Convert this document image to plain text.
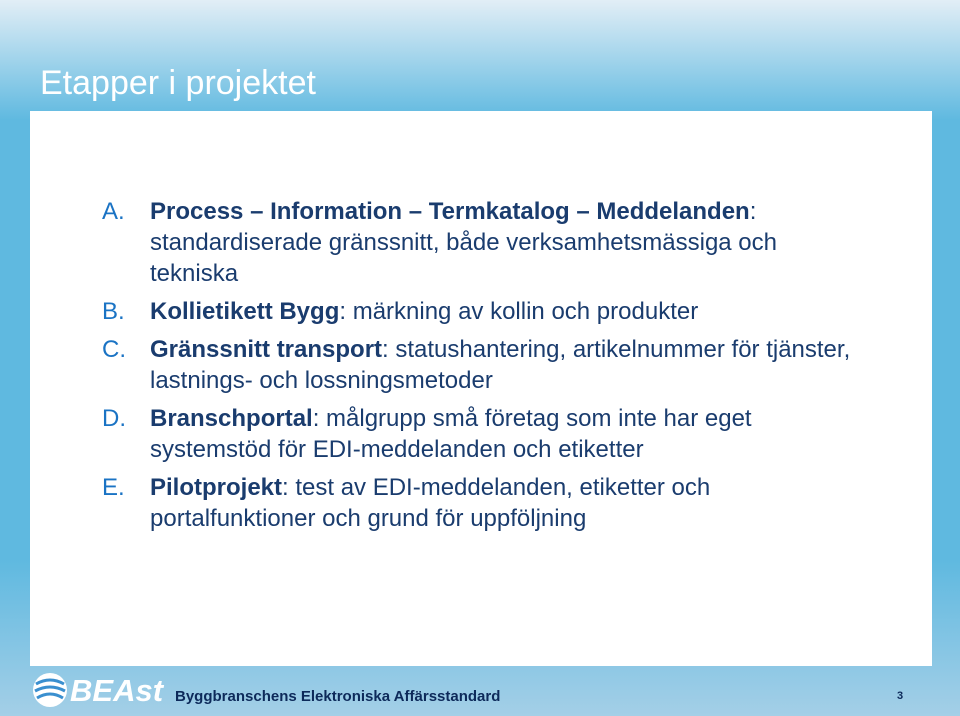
Etapper i projektet
A. Process – Information – Termkatalog – Meddelanden: standardiserade gränssnitt, både verksamhetsmässiga och tekniska
B. Kollietikett Bygg: märkning av kollin och produkter
C. Gränssnitt transport: statushantering, artikelnummer för tjänster, lastnings- och lossningsmetoder
D. Branschportal: målgrupp små företag som inte har eget systemstöd för EDI-meddelanden och etiketter
E. Pilotprojekt: test av EDI-meddelanden, etiketter och portalfunktioner och grund för uppföljning
BEAst Byggbranschens Elektroniska Affärsstandard	3
